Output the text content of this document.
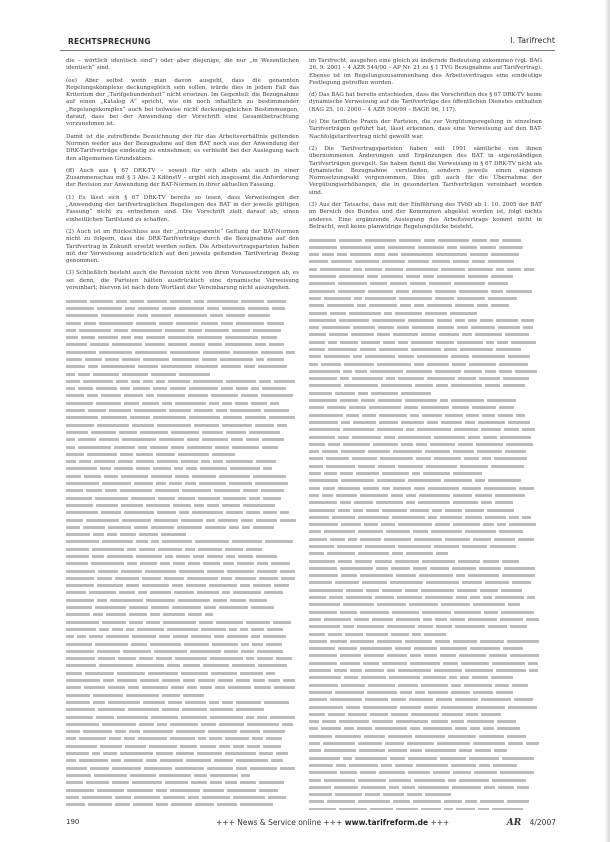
RECHTSPRECHUNG	I. Tarifrecht

die – wörtlich identisch sind“) oder aber diejenige, die nur „in Wesentlichen identisch“ sind.

(ee) Aber selbst wenn man davon ausgeht, dass die genannten Regelungskomplexe deckungsgleich sein sollen, würde dies in jedem Fall das Kriterium der „Tarifgebundenheit“ nicht ersetzen. Im Gegenteil: die Bezugnahme auf einen „Katalog A“ spricht, wie ein noch inhaltlich zu bestimmender „Regelungskomplex“ auch bei teilweise nicht deckungsgleichen Bestimmungen, darauf, dass bei der Anwendung der Vorschrift eine Gesamtbetrachtung vorzunehmen ist.

Damit ist die zutreffende Bezeichnung der für das Arbeitsverhältnis geltenden Normen weder aus der Bezugnahme auf den BAT noch aus der Anwendung der DRK-Tarifverträge eindeutig zu entnehmen; es verbleibt bei der Auslegung nach den allgemeinen Grundsätzen.

(ff) Auch aus § 67 DRK-TV – soweit für sich allein als auch in einer Zusammenschau mit § 3 Abs. 2 KdönstV – ergibt sich insgesamt die Anforderung der Revision zur Anwendung der BAT-Normen in ihrer aktuellen Fassung.

(1) Es lässt sich § 67 DRK-TV bereits so lesen, dass Verweisungen der „Anwendung der tarifvertraglichen Regelungen des BAT in der jeweils gültigen Fassung“ nicht zu entnehmen sind. Die Vorschrift zielt darauf ab, einen einheitlichen Tarifstand zu schaffen.

(2) Auch ist im Rückschluss aus der „intransparente“ Geltung der BAT-Normen nicht zu folgern, dass die DRK-Tarifverträge durch die Bezugnahme auf den Tarifvertrag in Zukunft ersetzt werden sollen. Die Arbeitsvertragsparteien haben mit der Verweisung ausdrücklich auf den jeweils geltenden Tarifvertrag Bezug genommen.

(3) Schließlich besteht auch die Revision nicht von ihren Voraussetzungen ab, es sei denn, die Parteien hätten ausdrücklich eine dynamische Verweisung vereinbart; hiervon ist nach dem Wortlaut der Vereinbarung nicht auszugehen.

im Tarifrecht, ausgehen eine gleich zu ändernde Bedeutung zukommen (vgl. BAG 26. 9. 2001 – 4 AZR 544/00 – AP Nr. 21 zu § 1 TVG Bezugnahme auf Tarifvertrag). Ebenso ist im Regelungszusammenhang des Arbeitsvertrages eine eindeutige Festlegung getroffen worden.

(d) Das BAG hat bereits entschieden, dass die Vorschriften des § 67 DRK-TV keine dynamische Verweisung auf die Tarifverträge des öffentlichen Dienstes enthalten (BAG 25. 10. 2000 – 4 AZR 506/99 – BAGE 96, 117).

(e) Die tarifliche Praxis der Parteien, die zur Vergütungsregelung in einzelnen Tarifverträgen geführt hat, lässt erkennen, dass eine Verweisung auf den BAT-Nachfolgetarifvertrag nicht gewollt war.

(2) Die Tarifvertragsparteien haben seit 1991 sämtliche von ihnen übernommenen Änderungen und Ergänzungen des BAT in eigenständigen Tarifverträgen geregelt. Sie haben damit die Verweisung in § 67 DRK-TV nicht als dynamische Bezugnahme verstanden, sondern jeweils einen eigenen Normsetzungsakt vorgenommen. Dies gilt auch für die Übernahme der Vergütungserhöhungen, die in gesonderten Tarifverträgen vereinbart worden sind.

(3) Aus der Tatsache, dass mit der Einführung des TVöD ab 1. 10. 2005 der BAT im Bereich des Bundes und der Kommunen abgelöst worden ist, folgt nichts anderes. Eine ergänzende Auslegung des Arbeitsvertrags kommt nicht in Betracht, weil keine planwidrige Regelungslücke besteht.

190	+++ News & Service online +++ www.tarifreform.de +++	AR 4/2007
